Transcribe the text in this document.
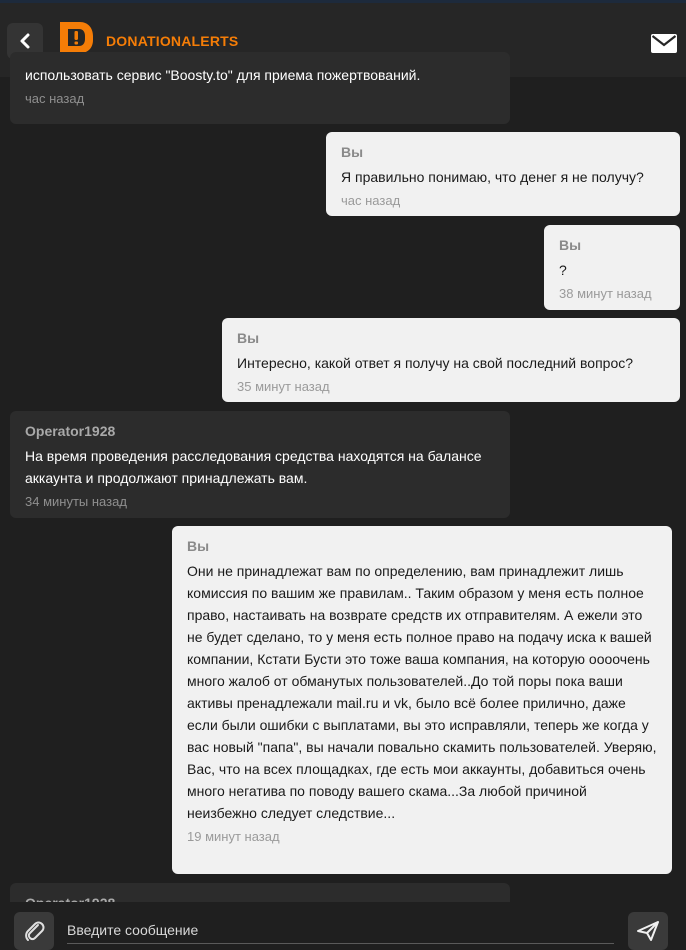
DONATIONALERTS
использовать сервис "Boosty.to" для приема пожертвований.
час назад
Вы
Я правильно понимаю, что денег я не получу?
час назад
Вы
?
38 минут назад
Вы
Интересно, какой ответ я получу на свой последний вопрос?
35 минут назад
Operator1928
На время проведения расследования средства находятся на балансе аккаунта и продолжают принадлежать вам.
34 минуты назад
Вы
Они не принадлежат вам по определению, вам принадлежит лишь комиссия по вашим же правилам.. Таким образом у меня есть полное право, настаивать на возврате средств их отправителям. А ежели это не будет сделано, то у меня есть полное право на подачу иска к вашей компании, Кстати Бусти это тоже ваша компания, на которую оооочень много жалоб от обманутых пользователей..До той поры пока ваши активы пренадлежали mail.ru и vk, было всё более прилично, даже если были ошибки с выплатами, вы это исправляли, теперь же когда у вас новый "папа", вы начали повально скамить пользователей. Уверяю, Вас, что на всех площадках, где есть мои аккаунты, добавиться очень много негатива по поводу вашего скама...За любой причиной неизбежно следует следствие...
19 минут назад
Введите сообщение
